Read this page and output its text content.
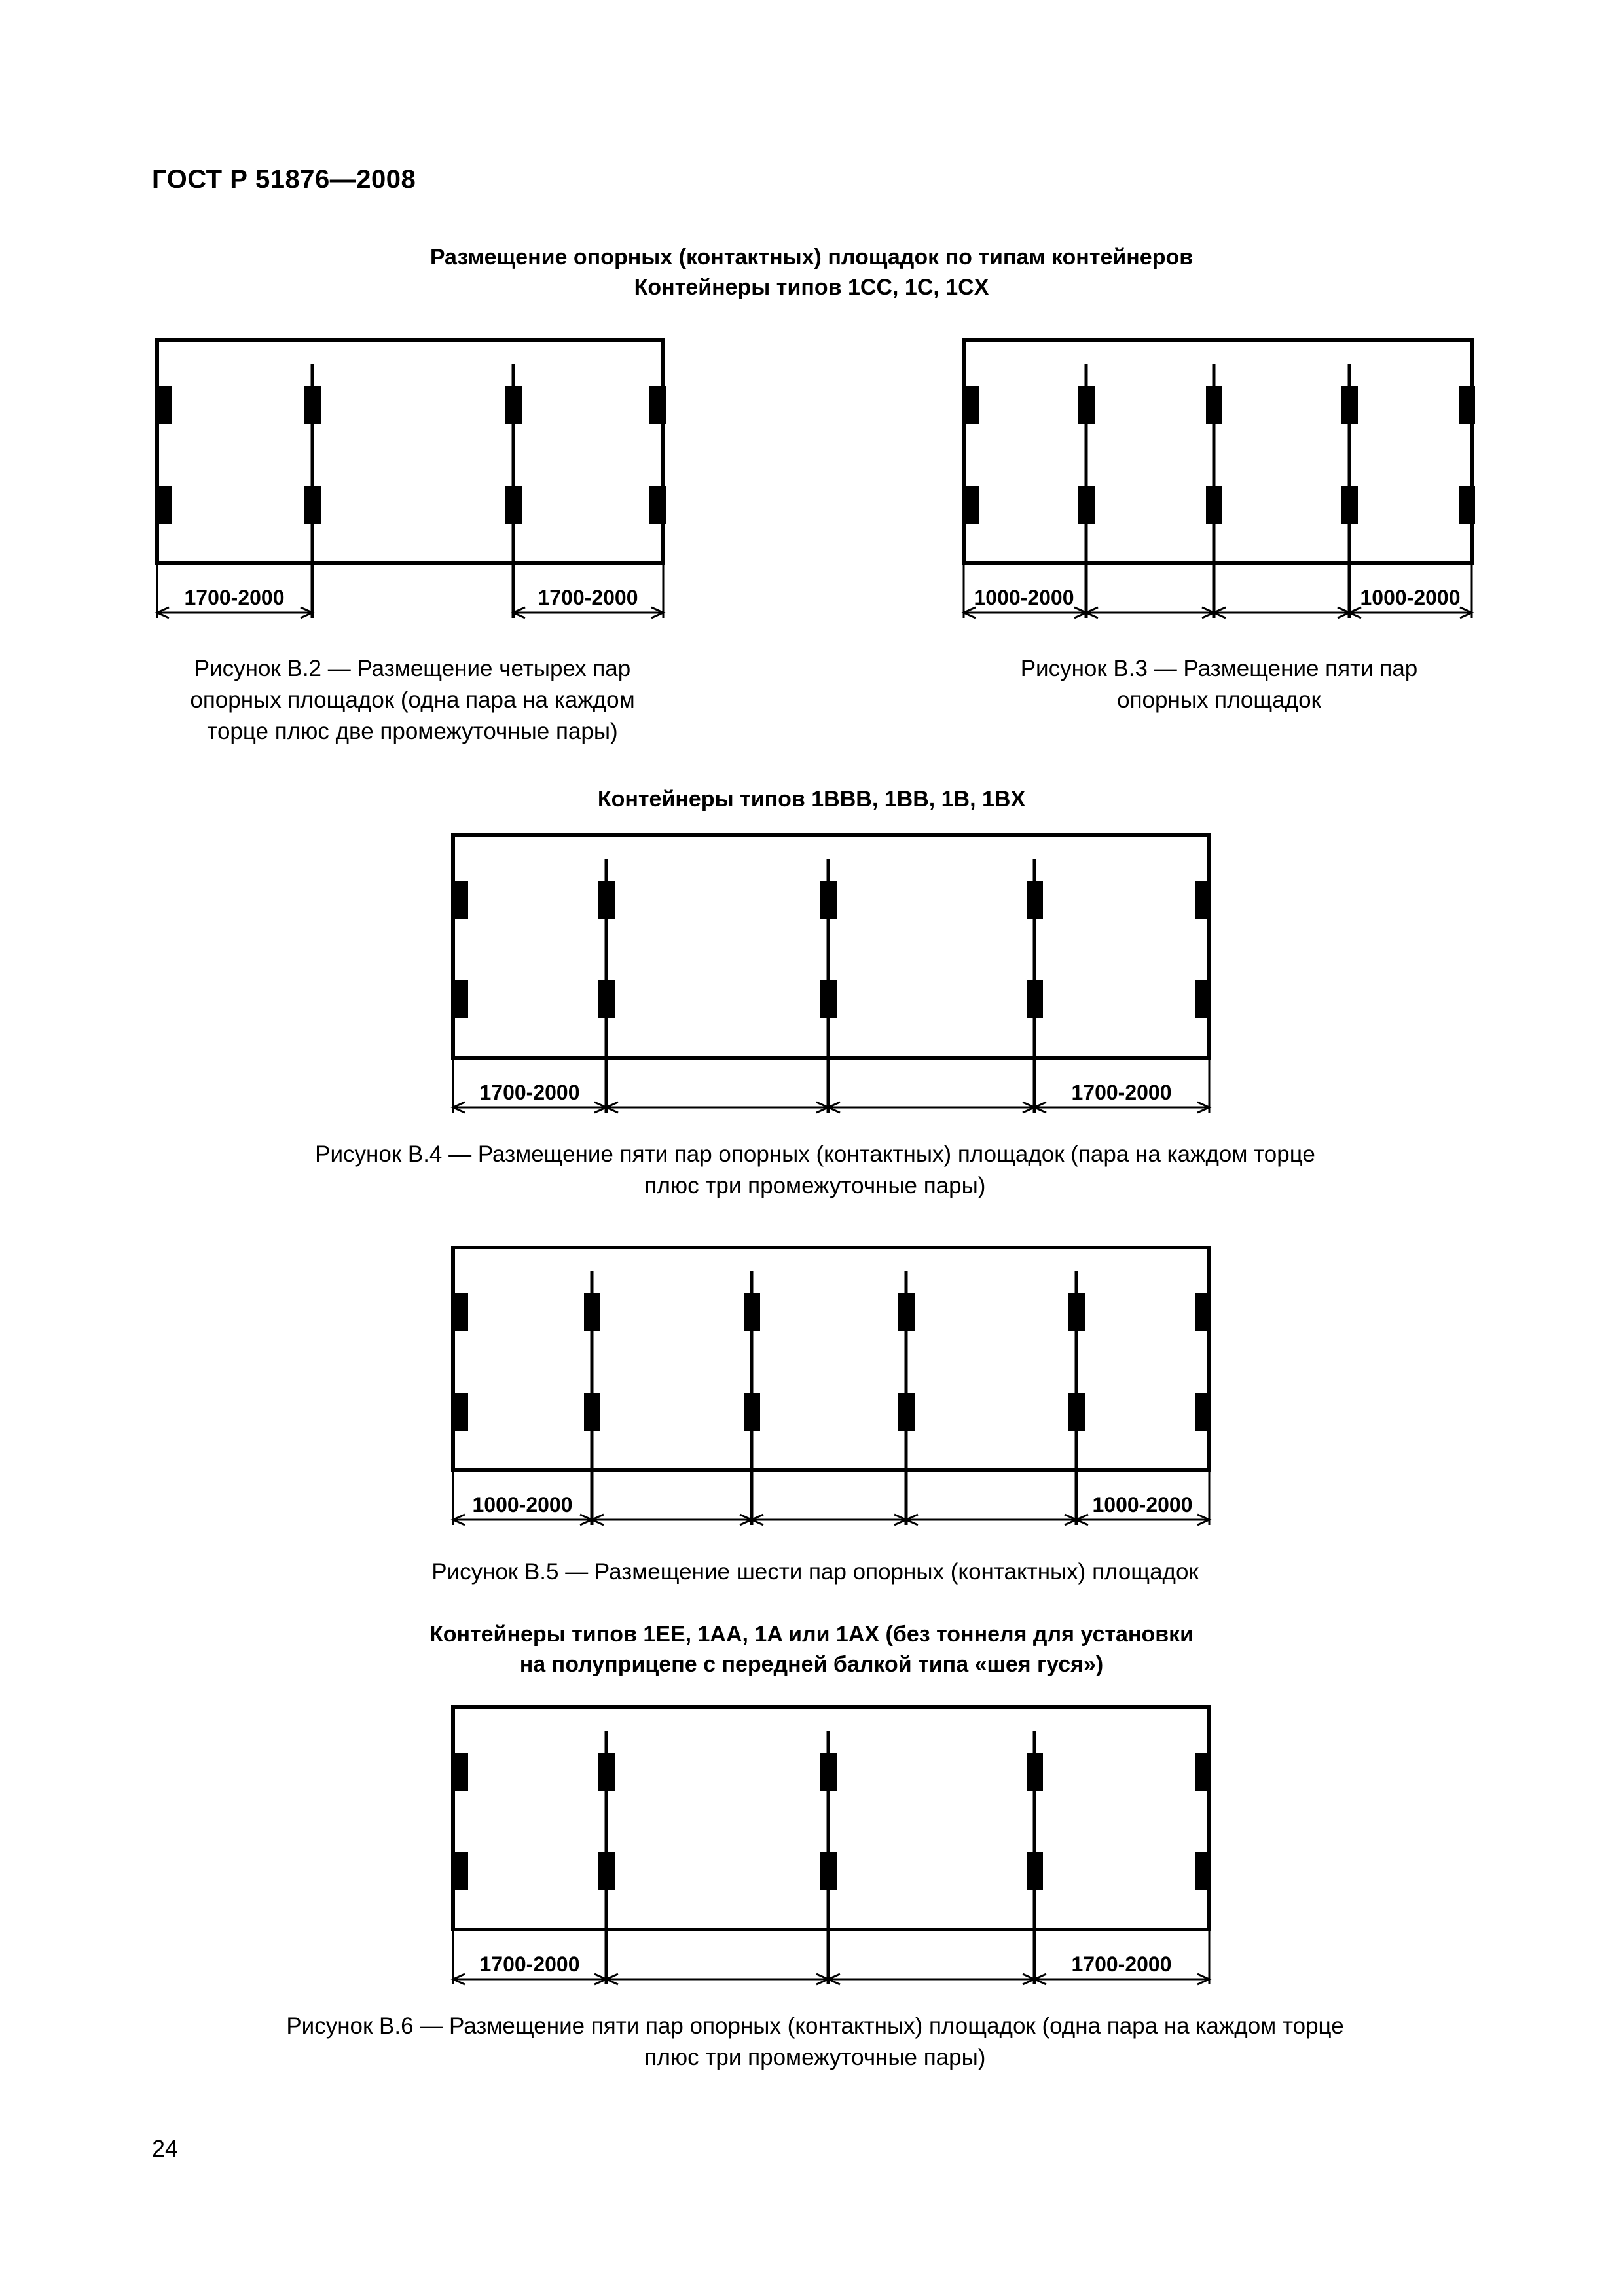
ГОСТ Р 51876—2008
Размещение опорных (контактных) площадок по типам контейнеров
Контейнеры типов 1CC, 1C, 1CX
1700-2000	1700-2000	1000-2000	1000-2000
Рисунок В.2 — Размещение четырех пар
опорных площадок (одна пара на каждом
торце плюс две промежуточные пары)
Рисунок В.3 — Размещение пяти пар
опорных площадок
Контейнеры типов 1BBB, 1BB, 1B, 1BX
1700-2000	1700-2000
Рисунок В.4 — Размещение пяти пар опорных (контактных) площадок (пара на каждом торце
плюс три промежуточные пары)
1000-2000	1000-2000
Рисунок В.5 — Размещение шести пар опорных (контактных) площадок
Контейнеры типов 1EE, 1AA, 1A или 1AX (без тоннеля для установки
на полуприцепе с передней балкой типа «шея гуся»)
1700-2000	1700-2000
Рисунок В.6 — Размещение пяти пар опорных (контактных) площадок (одна пара на каждом торце
плюс три промежуточные пары)
24
